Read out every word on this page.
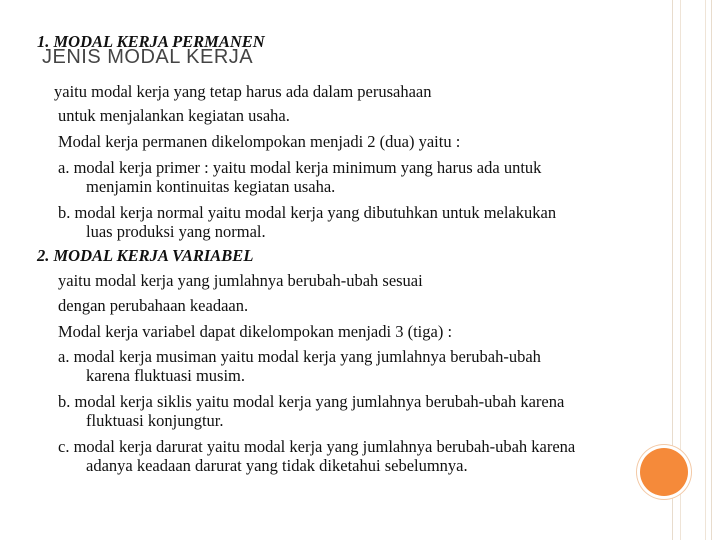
1. MODAL KERJA PERMANEN
JENIS MODAL KERJA
yaitu modal kerja yang tetap harus ada dalam perusahaan
untuk menjalankan kegiatan usaha.
Modal kerja permanen dikelompokan menjadi 2 (dua) yaitu :
a. modal kerja primer : yaitu modal kerja minimum yang harus ada untuk
menjamin kontinuitas kegiatan usaha.
b. modal kerja normal yaitu modal kerja yang dibutuhkan untuk melakukan
luas produksi yang normal.
2. MODAL KERJA VARIABEL
yaitu modal kerja yang jumlahnya berubah-ubah sesuai
dengan perubahaan keadaan.
Modal kerja variabel dapat dikelompokan menjadi 3 (tiga) :
a. modal kerja musiman yaitu modal kerja yang jumlahnya berubah-ubah
karena fluktuasi musim.
b. modal kerja siklis yaitu modal kerja yang jumlahnya berubah-ubah karena
fluktuasi konjungtur.
c. modal kerja darurat yaitu modal kerja yang jumlahnya berubah-ubah karena
adanya keadaan darurat yang tidak diketahui sebelumnya.
